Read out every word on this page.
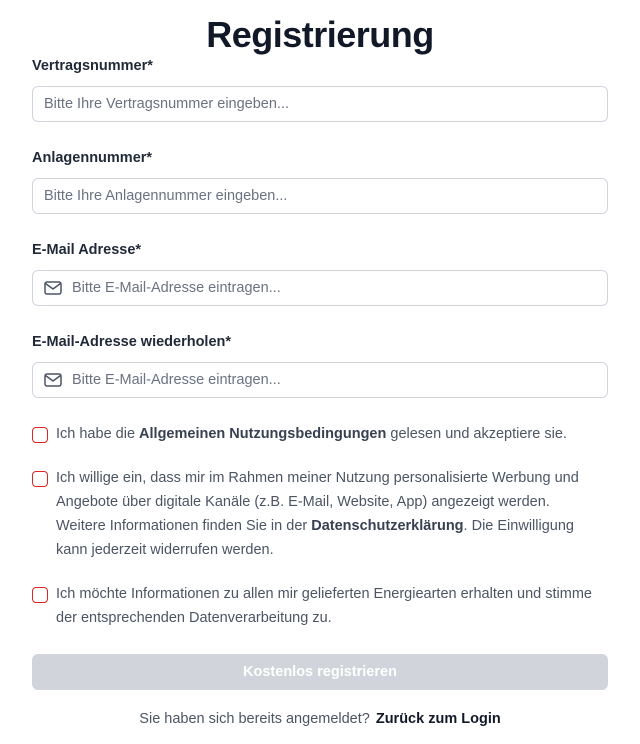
Registrierung
Vertragsnummer*
Bitte Ihre Vertragsnummer eingeben...
Anlagennummer*
Bitte Ihre Anlagennummer eingeben...
E-Mail Adresse*
Bitte E-Mail-Adresse eintragen...
E-Mail-Adresse wiederholen*
Bitte E-Mail-Adresse eintragen...
Ich habe die Allgemeinen Nutzungsbedingungen gelesen und akzeptiere sie.
Ich willige ein, dass mir im Rahmen meiner Nutzung personalisierte Werbung und Angebote über digitale Kanäle (z.B. E-Mail, Website, App) angezeigt werden. Weitere Informationen finden Sie in der Datenschutzerklärung. Die Einwilligung kann jederzeit widerrufen werden.
Ich möchte Informationen zu allen mir gelieferten Energiearten erhalten und stimme der entsprechenden Datenverarbeitung zu.
Kostenlos registrieren
Sie haben sich bereits angemeldet? Zurück zum Login
